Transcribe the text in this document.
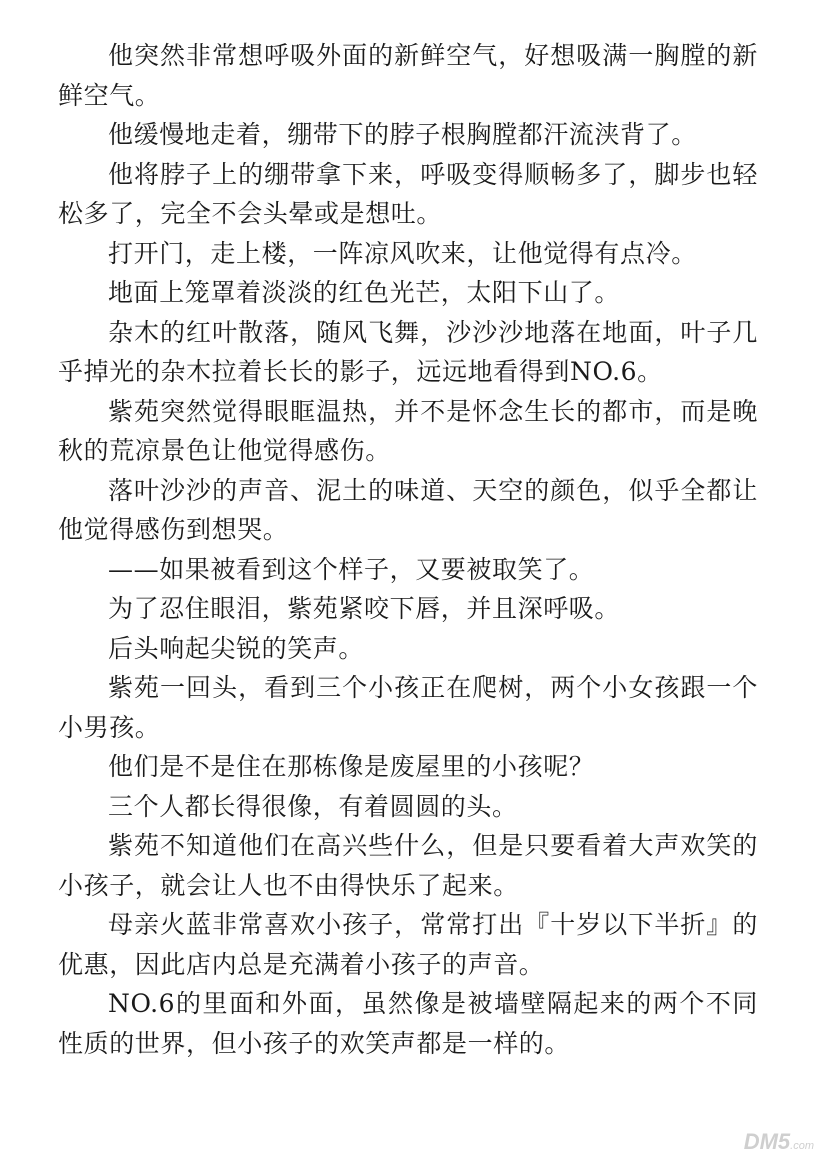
他突然非常想呼吸外面的新鲜空气，好想吸满一胸膛的新鲜空气。

他缓慢地走着，绷带下的脖子根胸膛都汗流浃背了。

他将脖子上的绷带拿下来，呼吸变得顺畅多了，脚步也轻松多了，完全不会头晕或是想吐。

打开门，走上楼，一阵凉风吹来，让他觉得有点冷。

地面上笼罩着淡淡的红色光芒，太阳下山了。

杂木的红叶散落，随风飞舞，沙沙沙地落在地面，叶子几乎掉光的杂木拉着长长的影子，远远地看得到NO.6。

紫苑突然觉得眼眶温热，并不是怀念生长的都市，而是晚秋的荒凉景色让他觉得感伤。

落叶沙沙的声音、泥土的味道、天空的颜色，似乎全都让他觉得感伤到想哭。

——如果被看到这个样子，又要被取笑了。

为了忍住眼泪，紫苑紧咬下唇，并且深呼吸。

后头响起尖锐的笑声。

紫苑一回头，看到三个小孩正在爬树，两个小女孩跟一个小男孩。

他们是不是住在那栋像是废屋里的小孩呢？

三个人都长得很像，有着圆圆的头。

紫苑不知道他们在高兴些什么，但是只要看着大声欢笑的小孩子，就会让人也不由得快乐了起来。

母亲火蓝非常喜欢小孩子，常常打出『十岁以下半折』的优惠，因此店内总是充满着小孩子的声音。

NO.6的里面和外面，虽然像是被墙壁隔起来的两个不同性质的世界，但小孩子的欢笑声都是一样的。

DM5.com
